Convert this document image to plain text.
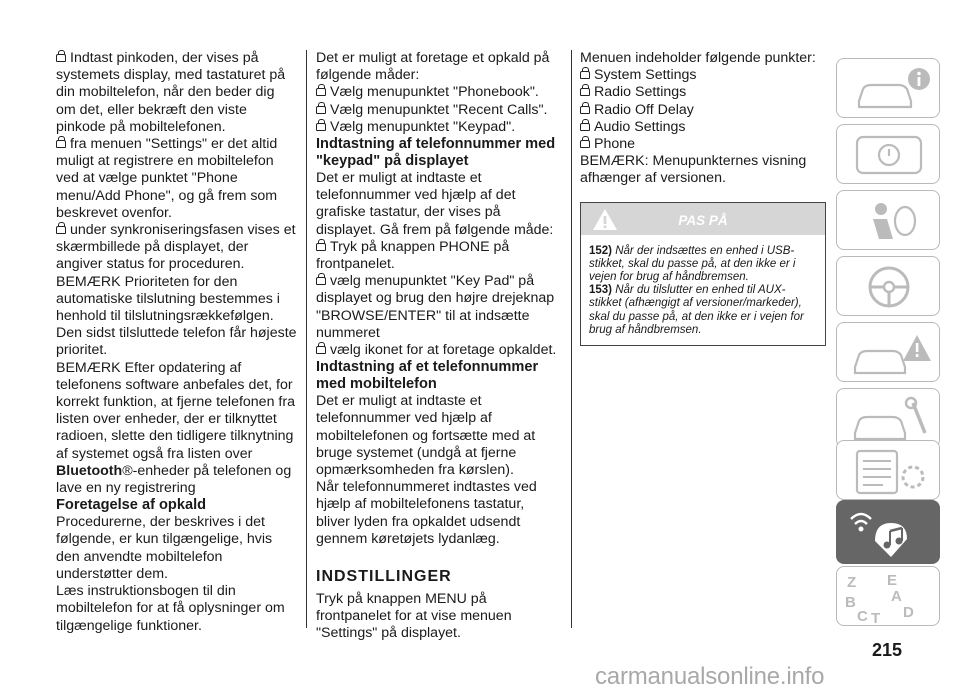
Indtast pinkoden, der vises på systemets display, med tastaturet på din mobiltelefon, når den beder dig om det, eller bekræft den viste pinkode på mobiltelefonen.

fra menuen "Settings" er det altid muligt at registrere en mobiltelefon ved at vælge punktet "Phone menu/Add Phone", og gå frem som beskrevet ovenfor.

under synkroniseringsfasen vises et skærmbillede på displayet, der angiver status for proceduren.

BEMÆRK Prioriteten for den automatiske tilslutning bestemmes i henhold til tilslutningsrækkefølgen. Den sidst tilsluttede telefon får højeste prioritet.

BEMÆRK Efter opdatering af telefonens software anbefales det, for korrekt funktion, at fjerne telefonen fra listen over enheder, der er tilknyttet radioen, slette den tidligere tilknytning af systemet også fra listen over Bluetooth®-enheder på telefonen og lave en ny registrering

Foretagelse af opkald

Procedurerne, der beskrives i det følgende, er kun tilgængelige, hvis den anvendte mobiltelefon understøtter dem.

Læs instruktionsbogen til din mobiltelefon for at få oplysninger om tilgængelige funktioner.

Det er muligt at foretage et opkald på følgende måder:

Vælg menupunktet "Phonebook".

Vælg menupunktet "Recent Calls".

Vælg menupunktet "Keypad".

Indtastning af telefonnummer med "keypad" på displayet

Det er muligt at indtaste et telefonnummer ved hjælp af det grafiske tastatur, der vises på displayet. Gå frem på følgende måde:

Tryk på knappen PHONE på frontpanelet.

vælg menupunktet "Key Pad" på displayet og brug den højre drejeknap "BROWSE/ENTER" til at indsætte nummeret

vælg ikonet for at foretage opkaldet.

Indtastning af et telefonnummer med mobiltelefon

Det er muligt at indtaste et telefonnummer ved hjælp af mobiltelefonen og fortsætte med at bruge systemet (undgå at fjerne opmærksomheden fra kørslen).

Når telefonnummeret indtastes ved hjælp af mobiltelefonens tastatur, bliver lyden fra opkaldet udsendt gennem køretøjets lydanlæg.

INDSTILLINGER

Tryk på knappen MENU på frontpanelet for at vise menuen "Settings" på displayet.

Menuen indeholder følgende punkter:

System Settings

Radio Settings

Radio Off Delay

Audio Settings

Phone

BEMÆRK: Menupunkternes visning afhænger af versionen.

PAS PÅ

152) Når der indsættes en enhed i USB-stikket, skal du passe på, at den ikke er i vejen for brug af håndbremsen.

153) Når du tilslutter en enhed til AUX-stikket (afhængigt af versioner/markeder), skal du passe på, at den ikke er i vejen for brug af håndbremsen.

Z E
A
B
C T D
215
carmanualsonline.info
